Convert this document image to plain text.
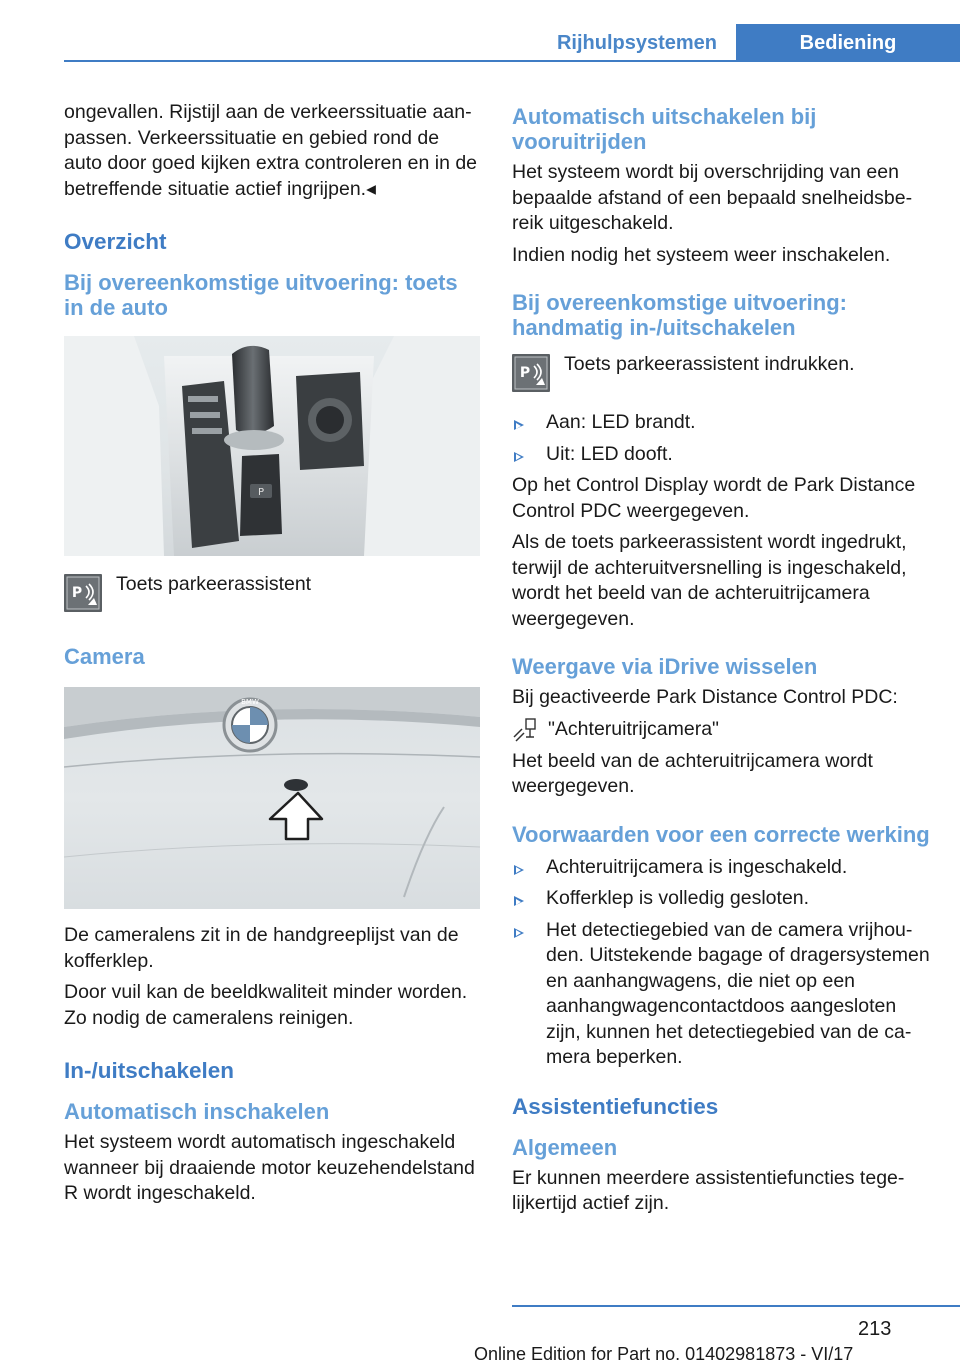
Rijhulpsystemen	Bediening

ongevallen. Rijstijl aan de verkeerssituatie aanpassen. Verkeerssituatie en gebied rond de auto door goed kijken extra controleren en in de betreffende situatie actief ingrijpen.◂

Overzicht
Bij overeenkomstige uitvoering: toets in de auto
P
P Toets parkeerassistent
Camera
BMW

De cameralens zit in de handgreeplijst van de kofferklep.

Door vuil kan de beeldkwaliteit minder worden. Zo nodig de cameralens reinigen.

In-/uitschakelen
Automatisch inschakelen

Het systeem wordt automatisch ingeschakeld wanneer bij draaiende motor keuzehendelstand R wordt ingeschakeld.

Automatisch uitschakelen bij vooruitrijden

Het systeem wordt bij overschrijding van een bepaalde afstand of een bepaald snelheidsbereik uitgeschakeld.

Indien nodig het systeem weer inschakelen.

Bij overeenkomstige uitvoering: handmatig in-/uitschakelen
P Toets parkeerassistent indrukken.
Aan: LED brandt.
Uit: LED dooft.

Op het Control Display wordt de Park Distance Control PDC weergegeven.

Als de toets parkeerassistent wordt ingedrukt, terwijl de achteruitversnelling is ingeschakeld, wordt het beeld van de achteruitrijcamera weergegeven.

Weergave via iDrive wisselen

Bij geactiveerde Park Distance Control PDC:

"Achteruitrijcamera"

Het beeld van de achteruitrijcamera wordt weergegeven.

Voorwaarden voor een correcte werking
Achteruitrijcamera is ingeschakeld.
Kofferklep is volledig gesloten.
Het detectiegebied van de camera vrijhouden. Uitstekende bagage of dragersystemen en aanhangwagens, die niet op een aanhangwagencontactdoos aangesloten zijn, kunnen het detectiegebied van de camera beperken.
Assistentiefuncties
Algemeen

Er kunnen meerdere assistentiefuncties tegelijkertijd actief zijn.

213
Online Edition for Part no. 01402981873 - VI/17
